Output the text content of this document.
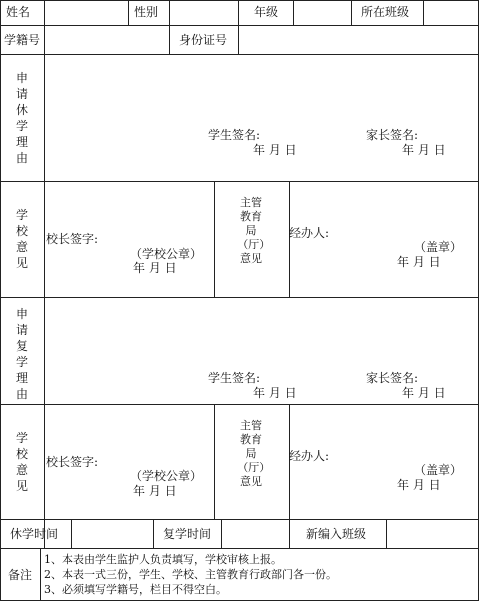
姓名	性别	年级	所在班级
学籍号	身份证号
申请休学理由
学生签名:	家长签名:
年 月 日	年 月 日
学校意见
校长签字:
（学校公章）
年 月 日
主管教育局（厅）意见
经办人:
（盖章）
年 月 日
申请复学理由
学生签名:	家长签名:
年 月 日	年 月 日
学校意见
校长签字:
（学校公章）
年 月 日
主管教育局（厅）意见
经办人:
（盖章）
年 月 日
休学时间	复学时间	新编入班级
备注
1、本表由学生监护人负责填写，学校审核上报。
2、本表一式三份，学生、学校、主管教育行政部门各一份。
3、必须填写学籍号，栏目不得空白。
